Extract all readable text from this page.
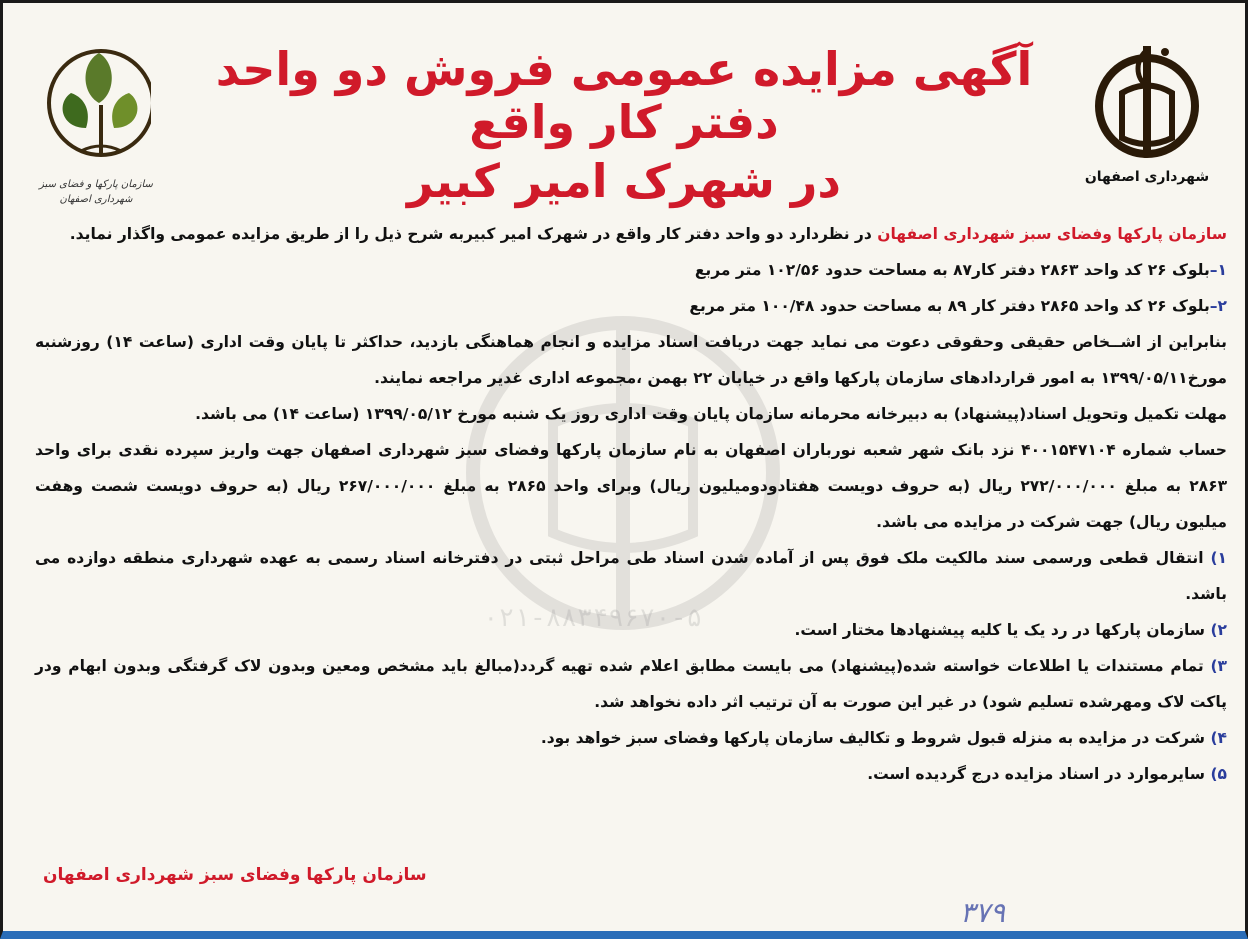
سازمان پارکها و فضای سبز
شهرداری اصفهان
آگهی مزایده عمومی فروش دو واحد دفتر کار واقع
در شهرک امیر کبیر	شهرداری اصفهان
۰۲۱-۸۸۳۴۹۶۷۰-۵

سازمان پارکها وفضای سبز شهرداری اصفهان در نظردارد دو واحد دفتر کار واقع در شهرک امیر کبیربه شرح ذیل را از طریق مزایده عمومی واگذار نماید.

۱–بلوک ۲۶ کد واحد ۲۸۶۳ دفتر کار۸۷ به مساحت حدود ۱۰۲/۵۶ متر مربع

۲–بلوک ۲۶ کد واحد ۲۸۶۵ دفتر کار ۸۹ به مساحت حدود ۱۰۰/۴۸ متر مربع

بنابراین از اشــخاص حقیقی وحقوقی دعوت می نماید جهت دریافت اسناد مزایده و انجام هماهنگی بازدید، حداکثر تا پایان وقت اداری (ساعت ۱۴) روزشنبه مورخ۱۳۹۹/۰۵/۱۱ به امور قراردادهای سازمان پارکها واقع در خیابان ۲۲ بهمن ،مجموعه اداری غدیر مراجعه نمایند.

مهلت تکمیل وتحویل اسناد(پیشنهاد) به دبیرخانه محرمانه سازمان پایان وقت اداری روز یک شنبه مورخ ۱۳۹۹/۰۵/۱۲ (ساعت ۱۴) می باشد.

حساب شماره ۴۰۰۱۵۴۷۱۰۴ نزد بانک شهر شعبه نورباران اصفهان به نام سازمان پارکها وفضای سبز شهرداری اصفهان جهت واریز سپرده نقدی برای واحد ۲۸۶۳ به مبلغ ۲۷۲/۰۰۰/۰۰۰ ریال (به حروف دویست هفتادودومیلیون ریال) وبرای واحد ۲۸۶۵ به مبلغ ۲۶۷/۰۰۰/۰۰۰ ریال (به حروف دویست شصت وهفت میلیون ریال) جهت شرکت در مزایده می باشد.

۱) انتقال قطعی ورسمی سند مالکیت ملک فوق پس از آماده شدن اسناد طی مراحل ثبتی در دفترخانه اسناد رسمی به عهده شهرداری منطقه دوازده می باشد.

۲) سازمان پارکها در رد یک یا کلیه پیشنهادها مختار است.

۳) تمام مستندات یا اطلاعات خواسته شده(پیشنهاد) می بایست مطابق اعلام شده تهیه گردد(مبالغ باید مشخص ومعین وبدون لاک گرفتگی وبدون ابهام ودر پاکت لاک ومهرشده تسلیم شود) در غیر این صورت به آن ترتیب اثر داده نخواهد شد.

۴) شرکت در مزایده به منزله قبول شروط و تکالیف سازمان پارکها وفضای سبز خواهد بود.

۵) سایرموارد در اسناد مزایده درج گردیده است.

سازمان پارکها وفضای سبز شهرداری اصفهان
۳۷۹
